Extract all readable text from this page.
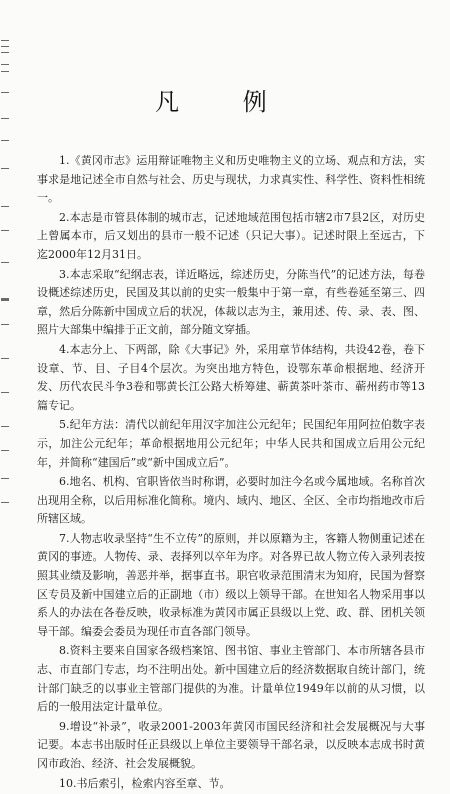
凡 例

1.《黄冈市志》运用辩证唯物主义和历史唯物主义的立场、观点和方法，实事求是地记述全市自然与社会、历史与现状，力求真实性、科学性、资料性相统一。

2.本志是市管县体制的城市志，记述地域范围包括市辖2市7县2区，对历史上曾属本市，后又划出的县市一般不记述（只记大事）。记述时限上至远古，下迄2000年12月31日。

3.本志采取“纪纲志表，详近略远，综述历史，分陈当代”的记述方法，每卷设概述综述历史，民国及其以前的史实一般集中于第一章，有些卷延至第三、四章，然后分陈新中国成立后的状况，体裁以志为主，兼用述、传、录、表、图、照片大部集中编排于正文前，部分随文穿插。

4.本志分上、下两部，除《大事记》外，采用章节体结构，共设42卷，卷下设章、节、目、子目4个层次。为突出地方特色，设鄂东革命根据地、经济开发、历代农民斗争3卷和鄂黄长江公路大桥筹建、蕲黄茶叶茶市、蕲州药市等13篇专记。

5.纪年方法：清代以前纪年用汉字加注公元纪年；民国纪年用阿拉伯数字表示，加注公元纪年；革命根据地用公元纪年；中华人民共和国成立后用公元纪年，并简称“建国后”或“新中国成立后”。

6.地名、机构、官职皆依当时称谓，必要时加注今名或今属地域。名称首次出现用全称，以后用标准化简称。境内、域内、地区、全区、全市均指地改市后所辖区域。

7.人物志收录坚持“生不立传”的原则，并以原籍为主，客籍人物侧重记述在黄冈的事迹。人物传、录、表择列以卒年为序。对各界已故人物立传入录列表按照其业绩及影响，善恶并举，据事直书。职官收录范围清末为知府，民国为督察区专员及新中国建立后的正副地（市）级以上领导干部。在世知名人物采用事以系人的办法在各卷反映，收录标准为黄冈市属正县级以上党、政、群、团机关领导干部。编委会委员为现任市直各部门领导。

8.资料主要来自国家各级档案馆、图书馆、事业主管部门、本市所辖各县市志、市直部门专志，均不注明出处。新中国建立后的经济数据取自统计部门，统计部门缺乏的以事业主管部门提供的为准。计量单位1949年以前的从习惯，以后的一般用法定计量单位。

9.增设“补录”，收录2001-2003年黄冈市国民经济和社会发展概况与大事记要。本志书出版时任正县级以上单位主要领导干部名录，以反映本志成书时黄冈市政治、经济、社会发展概貌。

10.书后索引，检索内容至章、节。
